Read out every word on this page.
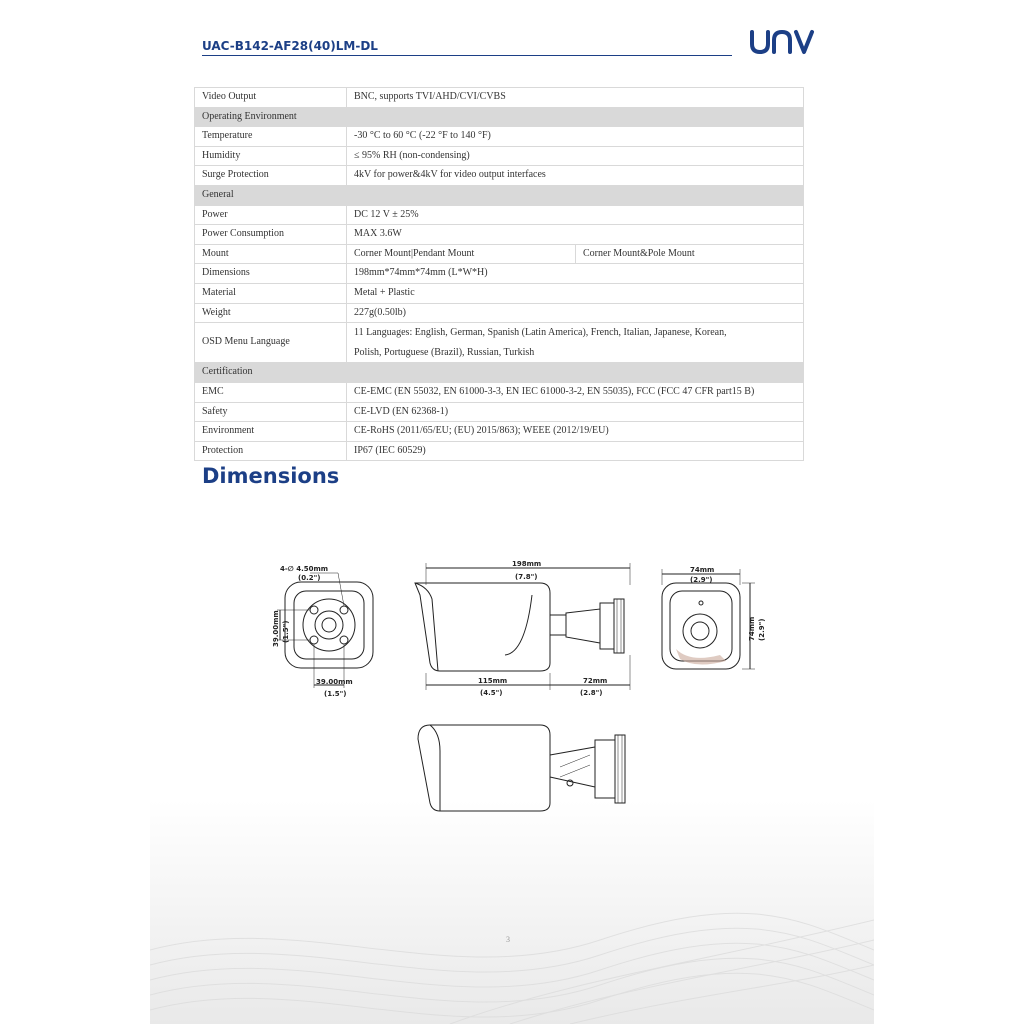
UAC-B142-AF28(40)LM-DL
Video Output	BNC, supports TVI/AHD/CVI/CVBS	
Operating Environment		
Temperature	-30 °C to 60 °C (-22 °F to 140 °F)	
Humidity	≤ 95% RH (non-condensing)	
Surge Protection	4kV for power&4kV for video output interfaces	
General		
Power	DC 12 V ± 25%	
Power Consumption	MAX 3.6W	
Mount	Corner Mount|Pendant Mount	Corner Mount&Pole Mount
Dimensions	198mm*74mm*74mm (L*W*H)	
Material	Metal + Plastic	
Weight	227g(0.50lb)	
OSD Menu Language	11 Languages: English, German, Spanish (Latin America), French, Italian, Japanese, Korean,
Polish, Portuguese (Brazil), Russian, Turkish	

Certification		
EMC	CE-EMC (EN 55032, EN 61000-3-3, EN IEC 61000-3-2, EN 55035), FCC (FCC 47 CFR part15 B)	
Safety	CE-LVD (EN 62368-1)	
Environment	CE-RoHS (2011/65/EU; (EU) 2015/863); WEEE (2012/19/EU)	
Protection	IP67 (IEC 60529)	
Dimensions
4-∅ 4.50mm
(0.2")
39.00mm (1.5")
39.00mm
(1.5")
198mm
(7.8")
115mm
(4.5")
72mm
(2.8")
74mm
(2.9")
74mm (2.9")
3
